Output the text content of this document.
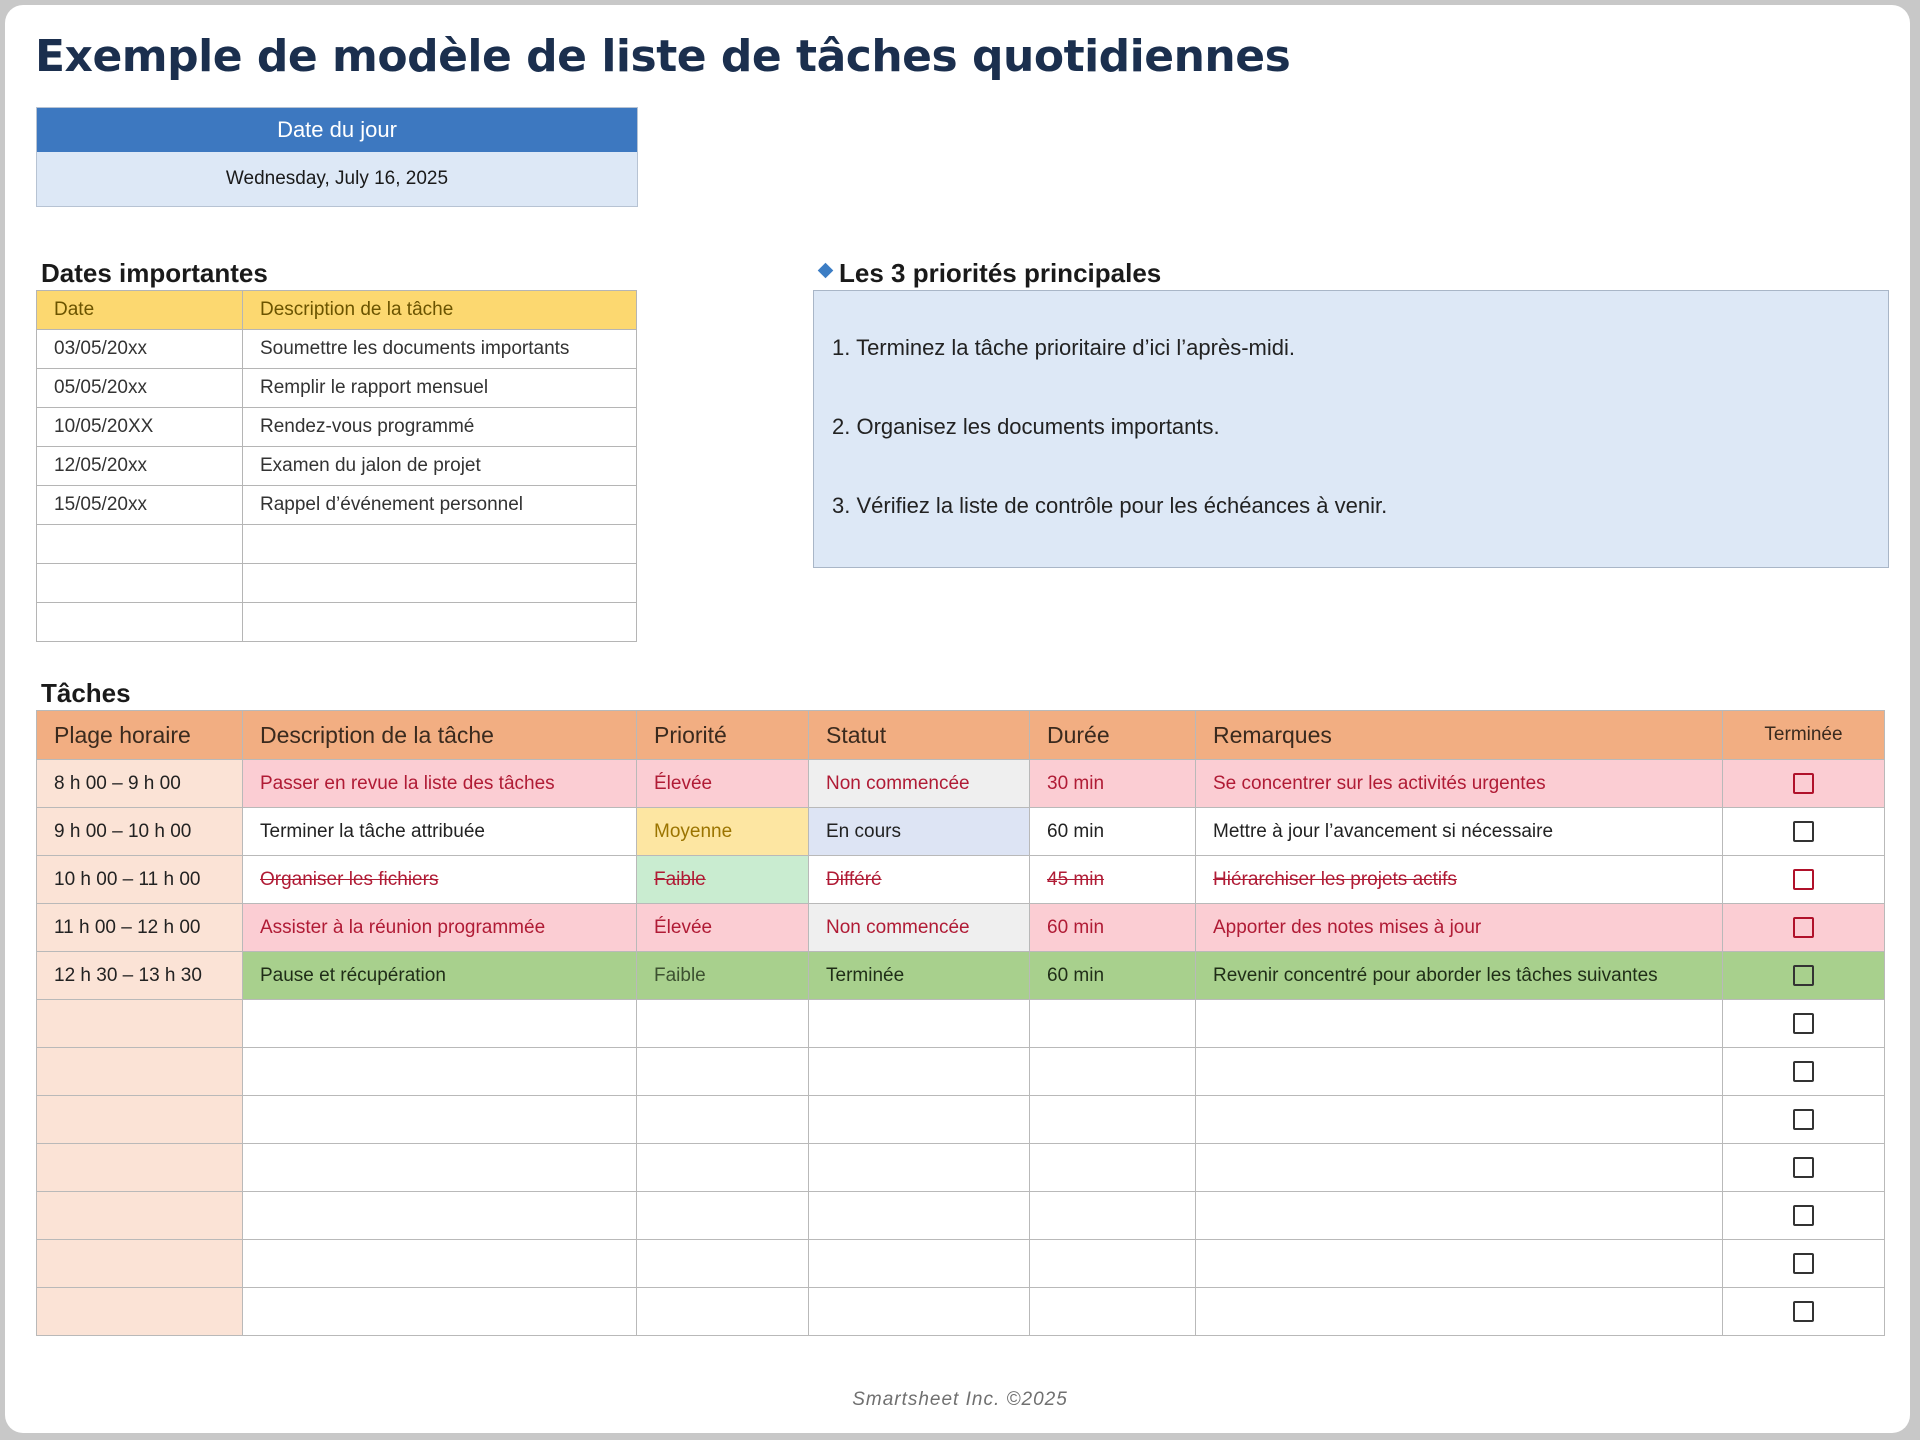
Exemple de modèle de liste de tâches quotidiennes
Date du jour
Wednesday, July 16, 2025
Dates importantes
Date	Description de la tâche
03/05/20xx	Soumettre les documents importants
05/05/20xx	Remplir le rapport mensuel
10/05/20XX	Rendez-vous programmé
12/05/20xx	Examen du jalon de projet
15/05/20xx	Rappel d’événement personnel

Les 3 priorités principales
1. Terminez la tâche prioritaire d’ici l’après-midi.
2. Organisez les documents importants.
3. Vérifiez la liste de contrôle pour les échéances à venir.
Tâches
Plage horaire	Description de la tâche	Priorité	Statut	Durée	Remarques	Terminée
8 h 00 – 9 h 00	Passer en revue la liste des tâches	Élevée	Non commencée	30 min	Se concentrer sur les activités urgentes	
9 h 00 – 10 h 00	Terminer la tâche attribuée	Moyenne	En cours	60 min	Mettre à jour l’avancement si nécessaire	
10 h 00 – 11 h 00	Organiser les fichiers	Faible	Différé	45 min	Hiérarchiser les projets actifs	
11 h 00 – 12 h 00	Assister à la réunion programmée	Élevée	Non commencée	60 min	Apporter des notes mises à jour	
12 h 30 – 13 h 30	Pause et récupération	Faible	Terminée	60 min	Revenir concentré pour aborder les tâches suivantes	

Smartsheet Inc. ©2025
